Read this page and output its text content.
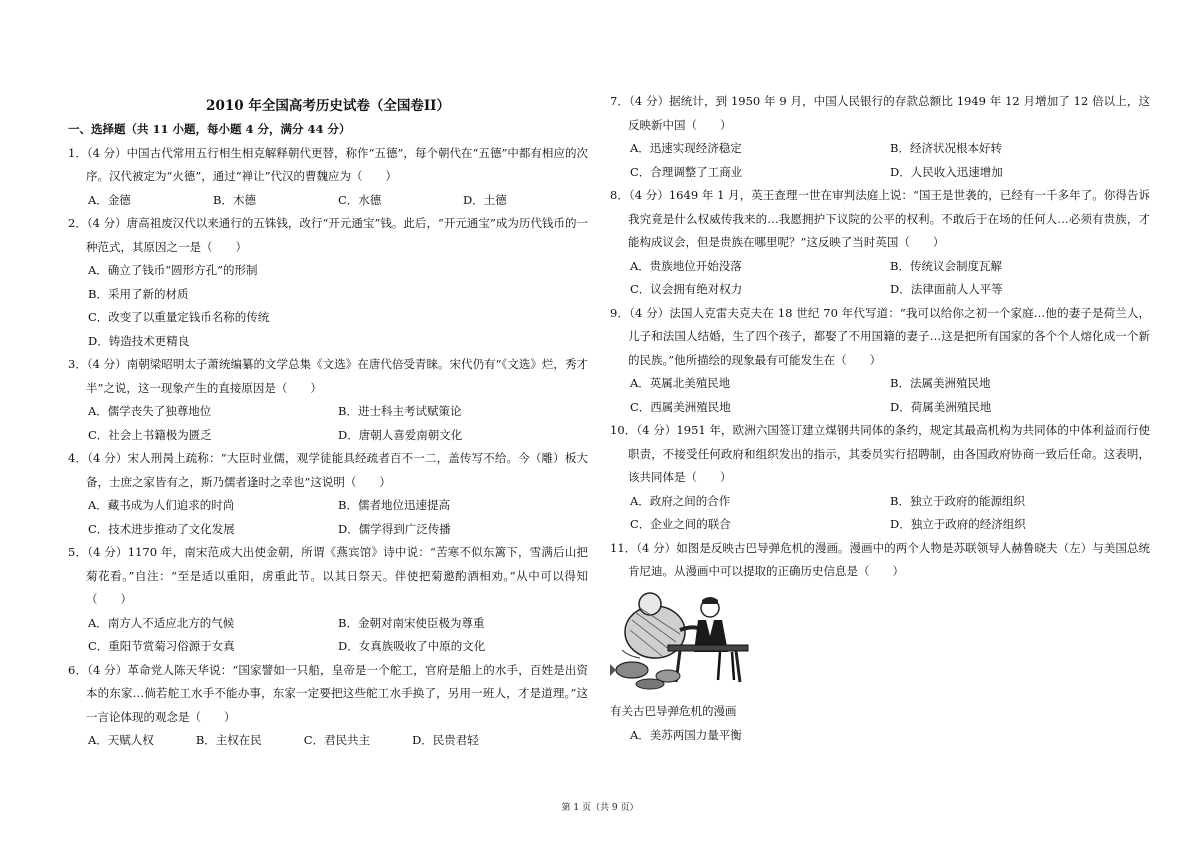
2010 年全国高考历史试卷（全国卷II）
一、选择题（共 11 小题，每小题 4 分，满分 44 分）
1．（4 分）中国古代常用五行相生相克解释朝代更替，称作“五德”，每个朝代在“五德”中都有相应的次序。汉代被定为“火德”，通过“禅让”代汉的曹魏应为（　　）
A．金德	B．木德	C．水德	D．土德
2．（4 分）唐高祖废汉代以来通行的五铢钱，改行“开元通宝”钱。此后，“开元通宝”成为历代钱币的一种范式，其原因之一是（　　）
A．确立了钱币“圆形方孔”的形制
B．采用了新的材质
C．改变了以重量定钱币名称的传统
D．铸造技术更精良
3．（4 分）南朝梁昭明太子萧统编纂的文学总集《文选》在唐代倍受青睐。宋代仍有“《文选》烂，秀才半”之说，这一现象产生的直接原因是（　　）
A．儒学丧失了独尊地位	B．进士科主考试赋策论
C．社会上书籍极为匮乏	D．唐朝人喜爱南朝文化
4．（4 分）宋人刑昺上疏称：“大臣时业儒，观学徒能具经疏者百不一二，盖传写不给。今（雕）板大备，士庶之家皆有之，斯乃儒者逢时之幸也”这说明（　　）
A．藏书成为人们追求的时尚	B．儒者地位迅速提高
C．技术进步推动了文化发展	D．儒学得到广泛传播
5．（4 分）1170 年，南宋范成大出使金朝，所谓《燕宾馆》诗中说：“苦寒不似东篱下，雪满后山把菊花看。”自注：“至是适以重阳，虏重此节。以其日祭天。伴使把菊邀酌酒相劝。”从中可以得知（　　）
A．南方人不适应北方的气候	B．金朝对南宋使臣极为尊重
C．重阳节赏菊习俗源于女真	D．女真族吸收了中原的文化
6．（4 分）革命党人陈天华说：“国家譬如一只船，皇帝是一个舵工，官府是船上的水手，百姓是出资本的东家…倘若舵工水手不能办事，东家一定要把这些舵工水手换了，另用一班人，才是道理。”这一言论体现的观念是（　　）
A．天赋人权	B．主权在民	C．君民共主	D．民贵君轻
7．（4 分）据统计，到 1950 年 9 月，中国人民银行的存款总额比 1949 年 12 月增加了 12 倍以上，这反映新中国（　　）
A．迅速实现经济稳定	B．经济状况根本好转
C．合理调整了工商业	D．人民收入迅速增加
8．（4 分）1649 年 1 月，英王查理一世在审判法庭上说：“国王是世袭的，已经有一千多年了。你得告诉我究竟是什么权威传我来的…我愿拥护下议院的公平的权利。不敢后于在场的任何人…必须有贵族，才能构成议会，但是贵族在哪里呢？”这反映了当时英国（　　）
A．贵族地位开始没落	B．传统议会制度瓦解
C．议会拥有绝对权力	D．法律面前人人平等
9．（4 分）法国人克雷夫克夫在 18 世纪 70 年代写道：“我可以给你之初一个家庭…他的妻子是荷兰人，儿子和法国人结婚，生了四个孩子，都娶了不用国籍的妻子…这是把所有国家的各个个人熔化成一个新的民族。”他所描绘的现象最有可能发生在（　　）
A．英属北美殖民地	B．法属美洲殖民地
C．西属美洲殖民地	D．荷属美洲殖民地
10．（4 分）1951 年，欧洲六国签订建立煤钢共同体的条约，规定其最高机构为共同体的中体利益而行使职责，不接受任何政府和组织发出的指示，其委员实行招聘制，由各国政府协商一致后任命。这表明，该共同体是（　　）
A．政府之间的合作	B．独立于政府的能源组织
C．企业之间的联合	D．独立于政府的经济组织
11．（4 分）如图是反映古巴导弹危机的漫画。漫画中的两个人物是苏联领导人赫鲁晓夫（左）与美国总统肯尼迪。从漫画中可以提取的正确历史信息是（　　）
有关古巴导弹危机的漫画
A．美苏两国力量平衡
第 1 页（共 9 页）
